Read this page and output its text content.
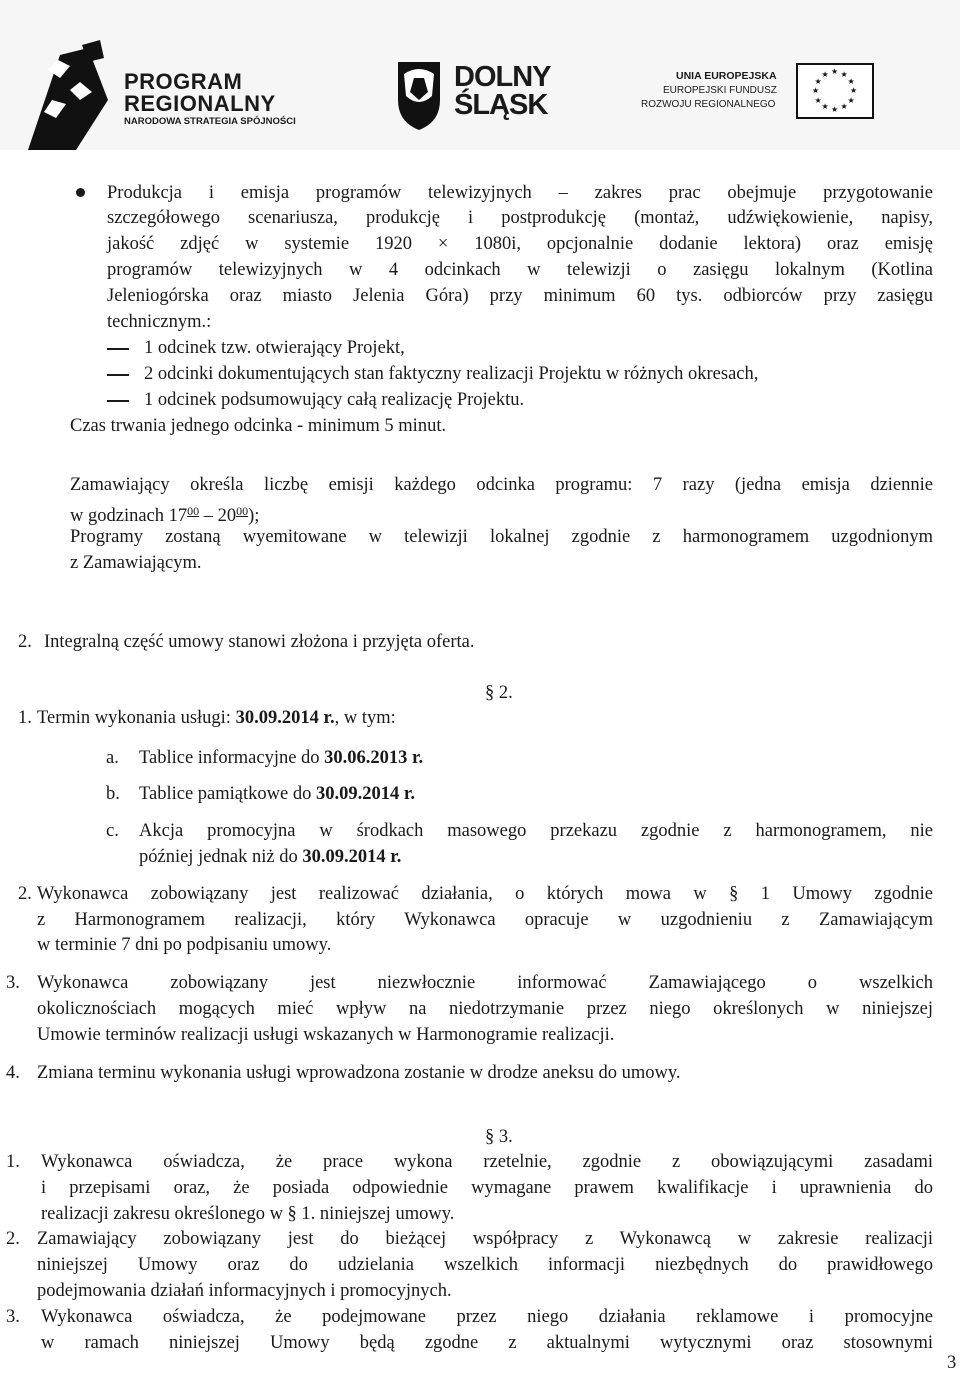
PROGRAM
REGIONALNY
NARODOWA STRATEGIA SPÓJNOŚCI
DOLNY
ŚLĄSK
UNIA EUROPEJSKA
EUROPEJSKI FUNDUSZ
ROZWOJU REGIONALNEGO
★ ★
★
★
★
★
★
★
★
★
★
★
Produkcja i emisja programów telewizyjnych – zakres prac obejmuje przygotowanie
szczegółowego scenariusza, produkcję i postprodukcję (montaż, udźwiękowienie, napisy,
jakość zdjęć w systemie 1920 × 1080i, opcjonalnie dodanie lektora) oraz emisję
programów telewizyjnych w 4 odcinkach w telewizji o zasięgu lokalnym (Kotlina
Jeleniogórska oraz miasto Jelenia Góra) przy minimum 60 tys. odbiorców przy zasięgu
technicznym.:
1 odcinek tzw. otwierający Projekt,
2 odcinki dokumentujących stan faktyczny realizacji Projektu w różnych okresach,
1 odcinek podsumowujący całą realizację Projektu.
Czas trwania jednego odcinka - minimum 5 minut.
Zamawiający określa liczbę emisji każdego odcinka programu: 7 razy (jedna emisja dziennie
w godzinach $17^{00} - 20^{00}$);
Programy zostaną wyemitowane w telewizji lokalnej zgodnie z harmonogramem uzgodnionym
z Zamawiającym.
2. Integralną część umowy stanowi złożona i przyjęta oferta.
§ 2.
1. Termin wykonania usługi: 30.09.2014 r., w tym:
a. Tablice informacyjne do 30.06.2013 r.
b. Tablice pamiątkowe do 30.09.2014 r.
c. Akcja promocyjna w środkach masowego przekazu zgodnie z harmonogramem, nie
później jednak niż do 30.09.2014 r.
2. Wykonawca zobowiązany jest realizować działania, o których mowa w § 1 Umowy zgodnie
z Harmonogramem realizacji, który Wykonawca opracuje w uzgodnieniu z Zamawiającym
w terminie 7 dni po podpisaniu umowy.
3. Wykonawca zobowiązany jest niezwłocznie informować Zamawiającego o wszelkich
okolicznościach mogących mieć wpływ na niedotrzymanie przez niego określonych w niniejszej
Umowie terminów realizacji usługi wskazanych w Harmonogramie realizacji.
4. Zmiana terminu wykonania usługi wprowadzona zostanie w drodze aneksu do umowy.
§ 3.
1. Wykonawca oświadcza, że prace wykona rzetelnie, zgodnie z obowiązującymi zasadami
i przepisami oraz, że posiada odpowiednie wymagane prawem kwalifikacje i uprawnienia do
realizacji zakresu określonego w § 1. niniejszej umowy.
2. Zamawiający zobowiązany jest do bieżącej współpracy z Wykonawcą w zakresie realizacji
niniejszej Umowy oraz do udzielania wszelkich informacji niezbędnych do prawidłowego
podejmowania działań informacyjnych i promocyjnych.
3. Wykonawca oświadcza, że podejmowane przez niego działania reklamowe i promocyjne
w ramach niniejszej Umowy będą zgodne z aktualnymi wytycznymi oraz stosownymi
3
